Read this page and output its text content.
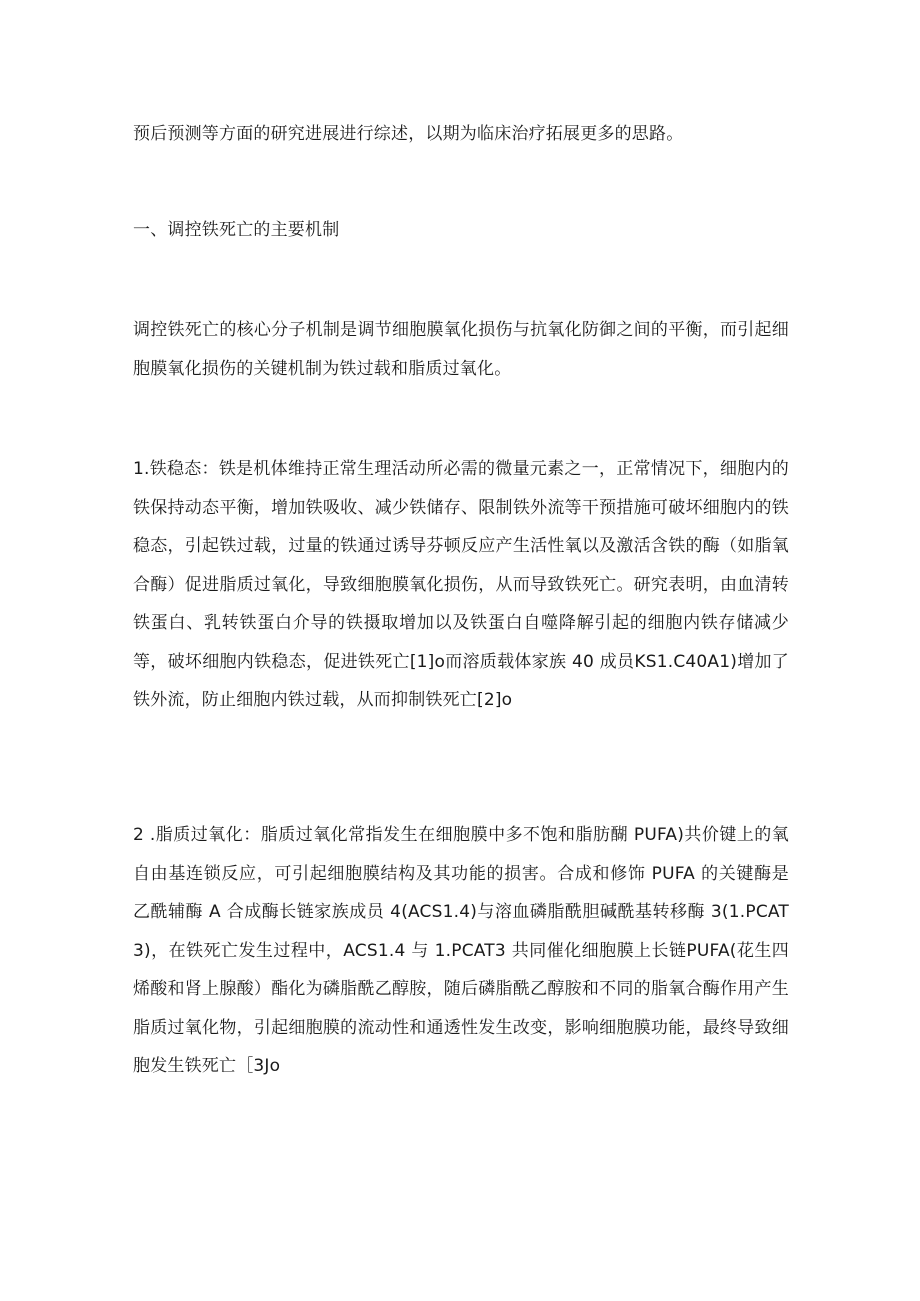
预后预测等方面的研究进展进行综述，以期为临床治疗拓展更多的思路。

一、调控铁死亡的主要机制

调控铁死亡的核心分子机制是调节细胞膜氧化损伤与抗氧化防御之间的平衡，而引起细胞膜氧化损伤的关键机制为铁过载和脂质过氧化。

1.铁稳态：铁是机体维持正常生理活动所必需的微量元素之一，正常情况下，细胞内的铁保持动态平衡，增加铁吸收、减少铁储存、限制铁外流等干预措施可破坏细胞内的铁稳态，引起铁过载，过量的铁通过诱导芬顿反应产生活性氧以及激活含铁的酶（如脂氧合酶）促进脂质过氧化，导致细胞膜氧化损伤，从而导致铁死亡。研究表明，由血清转铁蛋白、乳转铁蛋白介导的铁摄取增加以及铁蛋白自噬降解引起的细胞内铁存储减少等，破坏细胞内铁稳态，促进铁死亡[1]o而溶质载体家族 40 成员KS1.C40A1)增加了铁外流，防止细胞内铁过载，从而抑制铁死亡[2]o

2 .脂质过氧化：脂质过氧化常指发生在细胞膜中多不饱和脂肪醐 PUFA)共价键上的氧自由基连锁反应，可引起细胞膜结构及其功能的损害。合成和修饰 PUFA 的关键酶是乙酰辅酶 A 合成酶长链家族成员 4(ACS1.4)与溶血磷脂酰胆碱酰基转移酶 3(1.PCAT3)，在铁死亡发生过程中，ACS1.4 与 1.PCAT3 共同催化细胞膜上长链PUFA(花生四烯酸和肾上腺酸）酯化为磷脂酰乙醇胺，随后磷脂酰乙醇胺和不同的脂氧合酶作用产生脂质过氧化物，引起细胞膜的流动性和通透性发生改变，影响细胞膜功能，最终导致细胞发生铁死亡［3Jo
